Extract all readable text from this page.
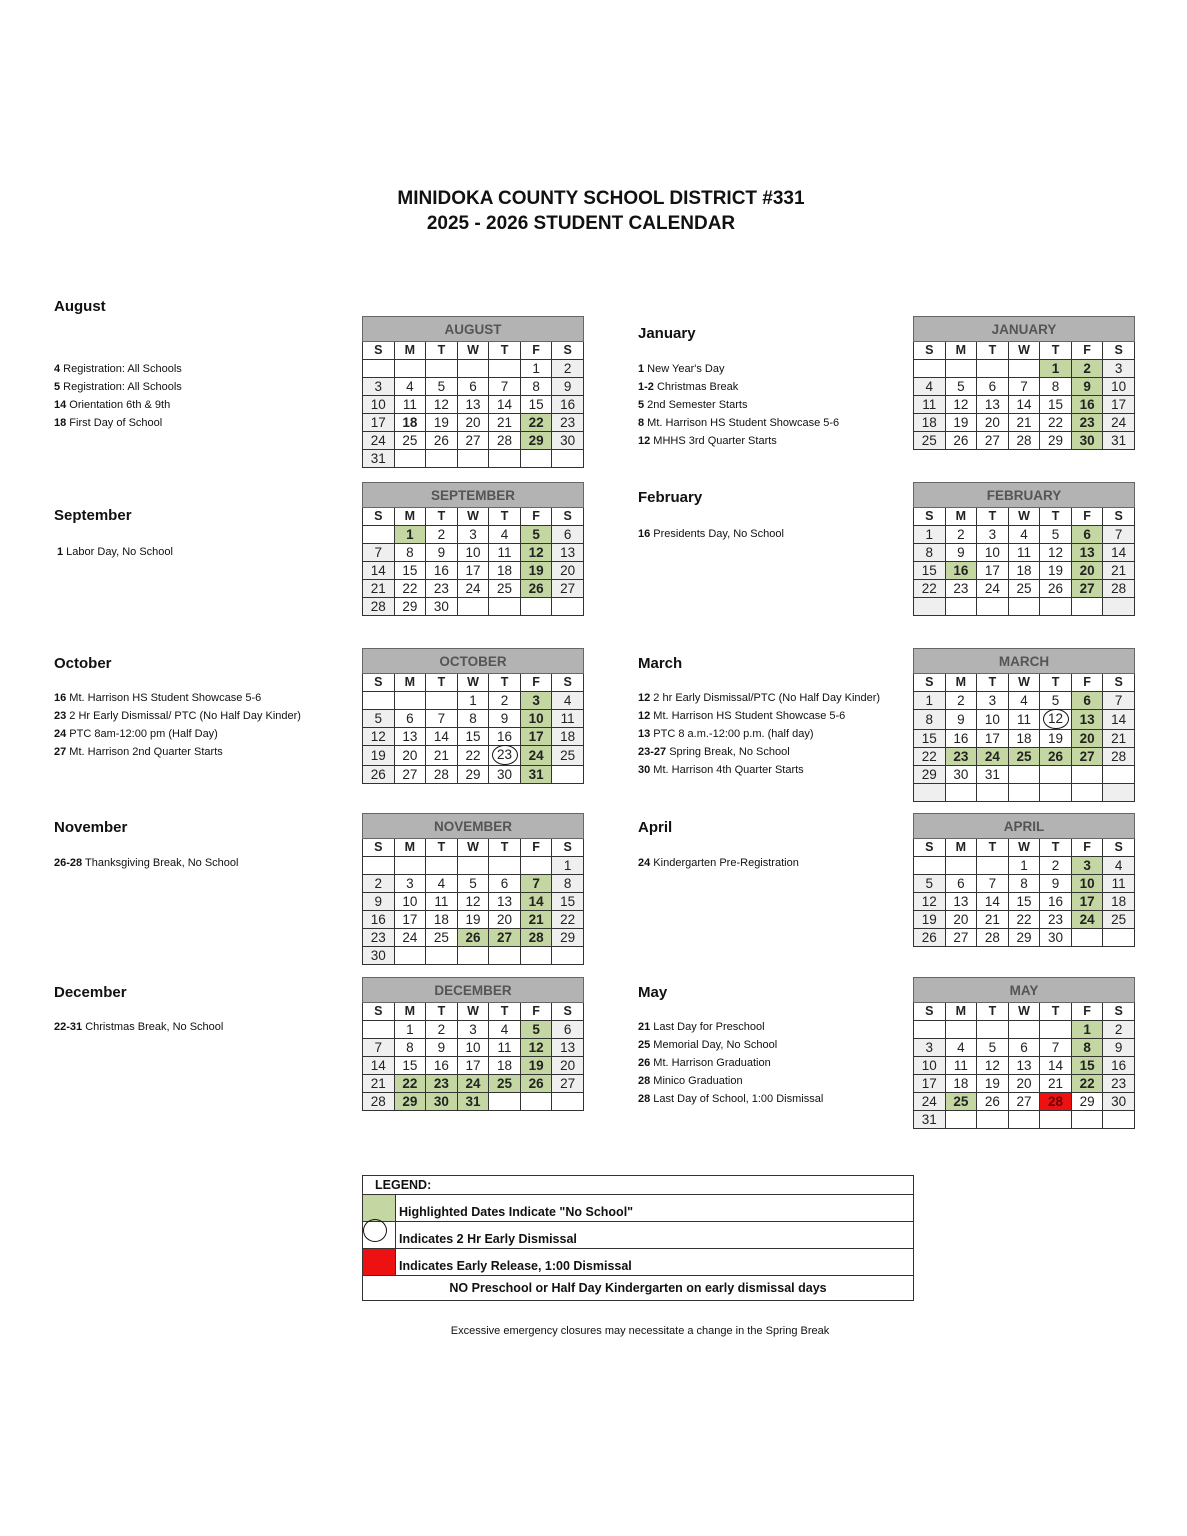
MINIDOKA COUNTY SCHOOL DISTRICT #331
2025 - 2026 STUDENT CALENDAR
August
4 Registration: All Schools
5 Registration: All Schools
14 Orientation 6th & 9th
18 First Day of School
September
1 Labor Day, No School
October
16 Mt. Harrison HS Student Showcase 5-6
23 2 Hr Early Dismissal/ PTC (No Half Day Kinder)
24 PTC 8am-12:00 pm (Half Day)
27 Mt. Harrison 2nd Quarter Starts
November
26-28 Thanksgiving Break, No School
December
22-31 Christmas Break, No School
January
1 New Year's Day
1-2 Christmas Break
5 2nd Semester Starts
8 Mt. Harrison HS Student Showcase 5-6
12 MHHS 3rd Quarter Starts
February
16 Presidents Day, No School
March
12 2 hr Early Dismissal/PTC (No Half Day Kinder)
12 Mt. Harrison HS Student Showcase 5-6
13 PTC 8 a.m.-12:00 p.m. (half day)
23-27 Spring Break, No School
30 Mt. Harrison 4th Quarter Starts
April
24 Kindergarten Pre-Registration
May
21 Last Day for Preschool
25 Memorial Day, No School
26 Mt. Harrison Graduation
28 Minico Graduation
28 Last Day of School, 1:00 Dismissal
AUGUST						
S	M	T	W	T	F	S
					1	2
3	4	5	6	7	8	9
10	11	12	13	14	15	16
17	18	19	20	21	22	23
24	25	26	27	28	29	30
31						
SEPTEMBER						
S	M	T	W	T	F	S
	1	2	3	4	5	6
7	8	9	10	11	12	13
14	15	16	17	18	19	20
21	22	23	24	25	26	27
28	29	30				
OCTOBER						
S	M	T	W	T	F	S
			1	2	3	4
5	6	7	8	9	10	11
12	13	14	15	16	17	18
19	20	21	22	23	24	25
26	27	28	29	30	31	
NOVEMBER						
S	M	T	W	T	F	S
						1
2	3	4	5	6	7	8
9	10	11	12	13	14	15
16	17	18	19	20	21	22
23	24	25	26	27	28	29
30						
DECEMBER						
S	M	T	W	T	F	S
	1	2	3	4	5	6
7	8	9	10	11	12	13
14	15	16	17	18	19	20
21	22	23	24	25	26	27
28	29	30	31			
JANUARY						
S	M	T	W	T	F	S
				1	2	3
4	5	6	7	8	9	10
11	12	13	14	15	16	17
18	19	20	21	22	23	24
25	26	27	28	29	30	31
FEBRUARY						
S	M	T	W	T	F	S
1	2	3	4	5	6	7
8	9	10	11	12	13	14
15	16	17	18	19	20	21
22	23	24	25	26	27	28

MARCH						
S	M	T	W	T	F	S
1	2	3	4	5	6	7
8	9	10	11	12	13	14
15	16	17	18	19	20	21
22	23	24	25	26	27	28
29	30	31				

APRIL						
S	M	T	W	T	F	S
			1	2	3	4
5	6	7	8	9	10	11
12	13	14	15	16	17	18
19	20	21	22	23	24	25
26	27	28	29	30		
MAY						
S	M	T	W	T	F	S
					1	2
3	4	5	6	7	8	9
10	11	12	13	14	15	16
17	18	19	20	21	22	23
24	25	26	27	28	29	30
31						
LEGEND:	
	Highlighted Dates Indicate "No School"

	Indicates 2 Hr Early Dismissal
	Indicates Early Release, 1:00 Dismissal
NO Preschool or Half Day Kindergarten on early dismissal days	
Excessive emergency closures may necessitate a change in the Spring Break
